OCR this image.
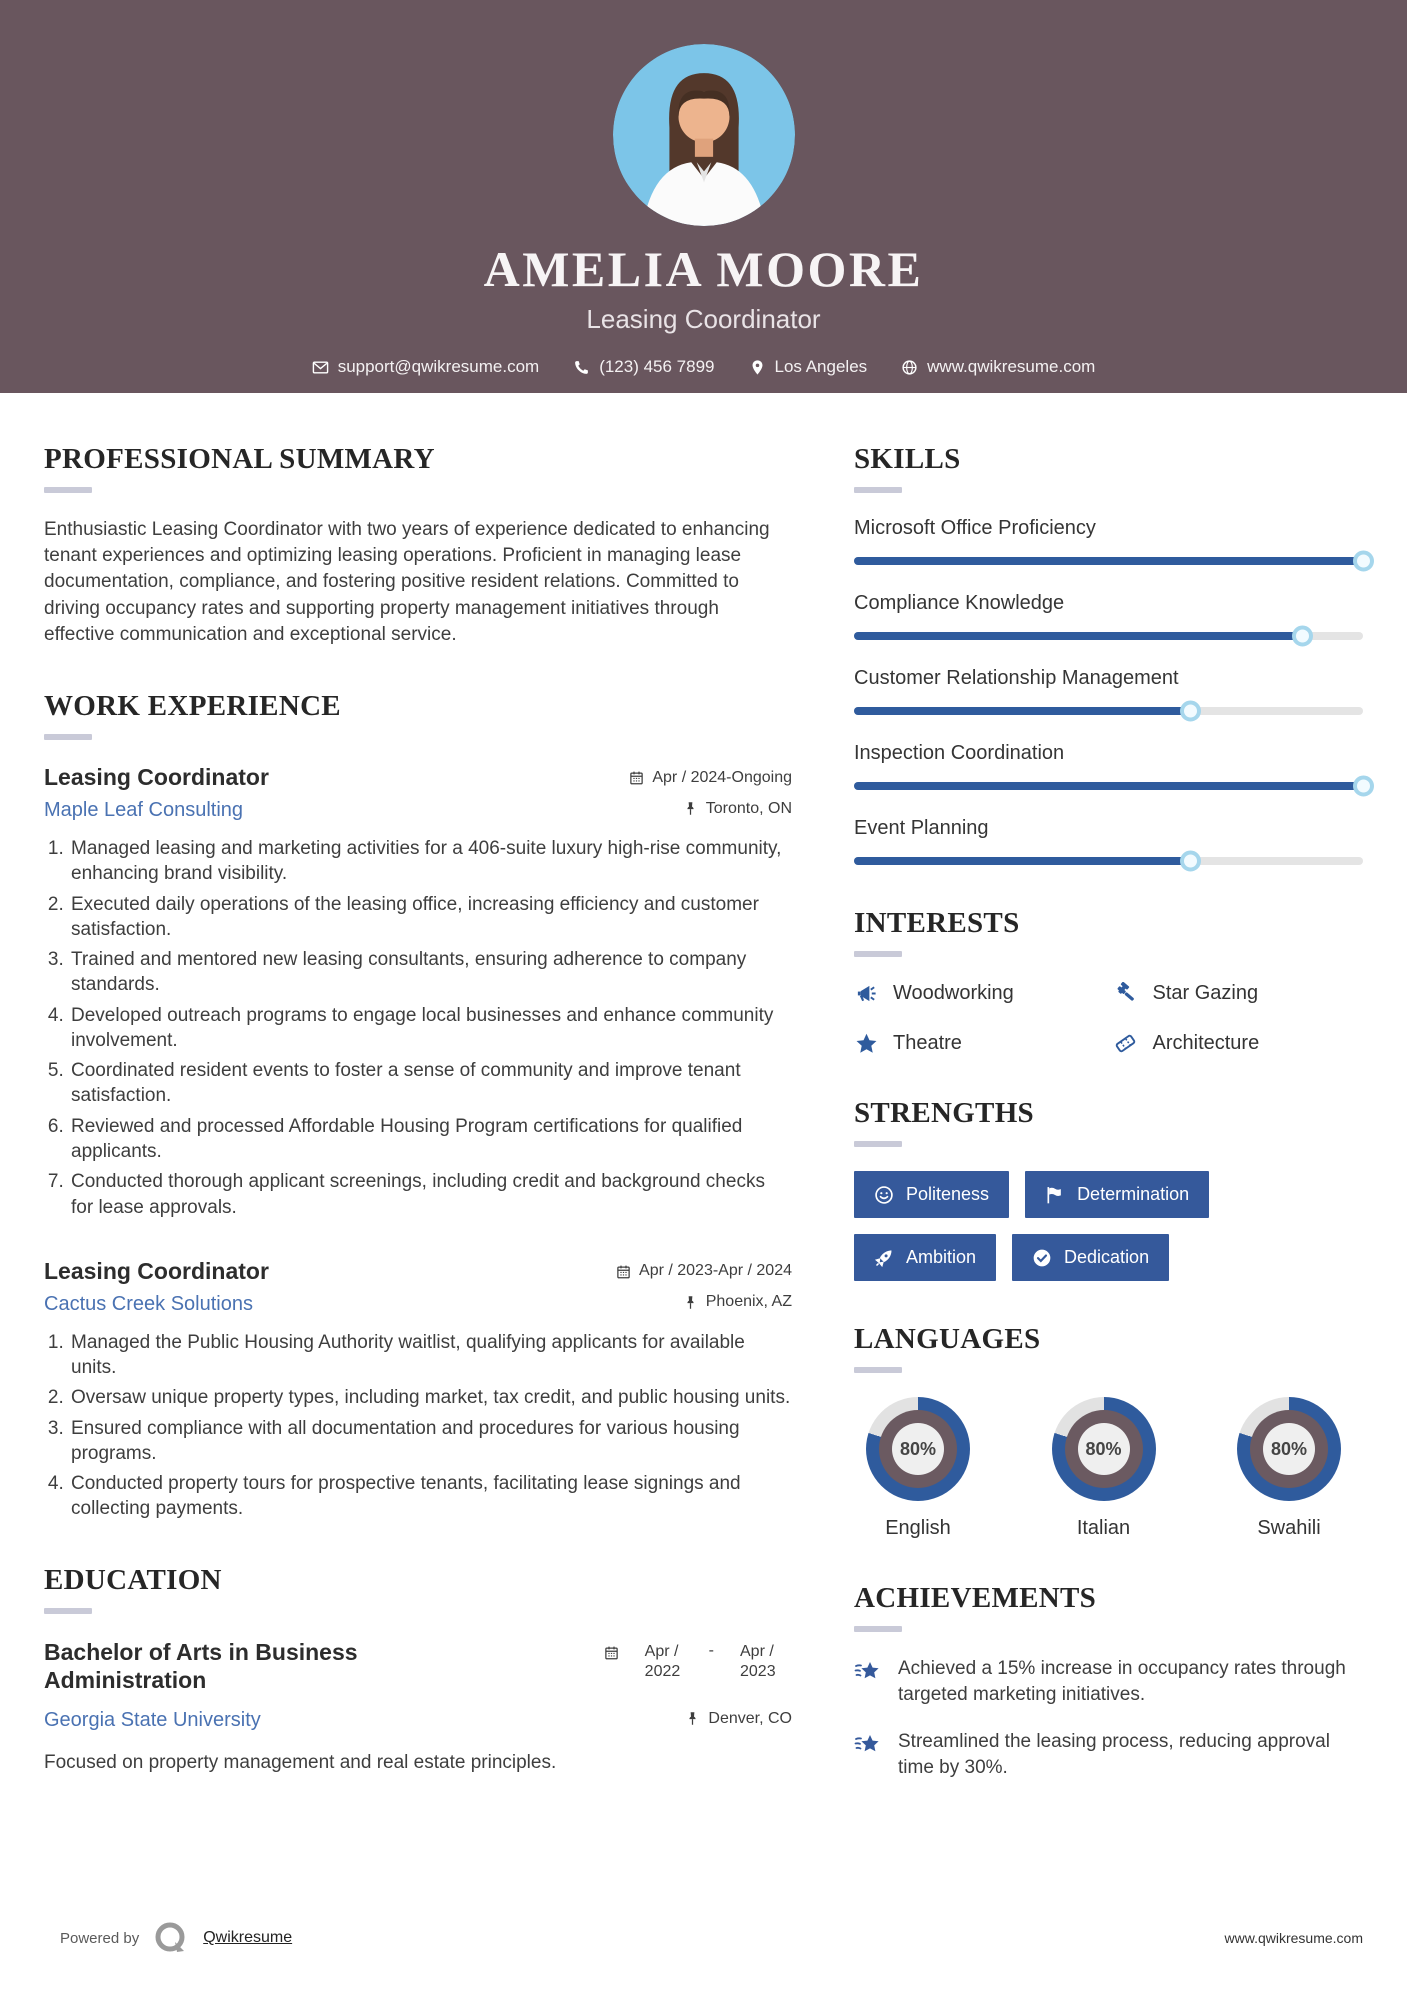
AMELIA MOORE
Leasing Coordinator
support@qwikresume.com	(123) 456 7899	Los Angeles	www.qwikresume.com
PROFESSIONAL SUMMARY

Enthusiastic Leasing Coordinator with two years of experience dedicated to enhancing tenant experiences and optimizing leasing operations. Proficient in managing lease documentation, compliance, and fostering positive resident relations. Committed to driving occupancy rates and supporting property management initiatives through effective communication and exceptional service.

WORK EXPERIENCE
Leasing Coordinator	Apr / 2024-Ongoing
Maple Leaf Consulting	Toronto, ON
1. Managed leasing and marketing activities for a 406-suite luxury high-rise community, enhancing brand visibility.
2. Executed daily operations of the leasing office, increasing efficiency and customer satisfaction.
3. Trained and mentored new leasing consultants, ensuring adherence to company standards.
4. Developed outreach programs to engage local businesses and enhance community involvement.
5. Coordinated resident events to foster a sense of community and improve tenant satisfaction.
6. Reviewed and processed Affordable Housing Program certifications for qualified applicants.
7. Conducted thorough applicant screenings, including credit and background checks for lease approvals.
Leasing Coordinator	Apr / 2023-Apr / 2024
Cactus Creek Solutions	Phoenix, AZ
1. Managed the Public Housing Authority waitlist, qualifying applicants for available units.
2. Oversaw unique property types, including market, tax credit, and public housing units.
3. Ensured compliance with all documentation and procedures for various housing programs.
4. Conducted property tours for prospective tenants, facilitating lease signings and collecting payments.
EDUCATION
Bachelor of Arts in Business Administration
Apr / 2022
- Apr / 2023
Georgia State University	Denver, CO

Focused on property management and real estate principles.

SKILLS
Microsoft Office Proficiency
Compliance Knowledge
Customer Relationship Management
Inspection Coordination
Event Planning
INTERESTS
Woodworking	Star Gazing
Theatre	Architecture
STRENGTHS
Politeness	Determination
Ambition	Dedication
LANGUAGES
80%
English
80%
Italian
80%
Swahili
ACHIEVEMENTS
Achieved a 15% increase in occupancy rates through targeted marketing initiatives.
Streamlined the leasing process, reducing approval time by 30%.
Powered by	Qwikresume	www.qwikresume.com
